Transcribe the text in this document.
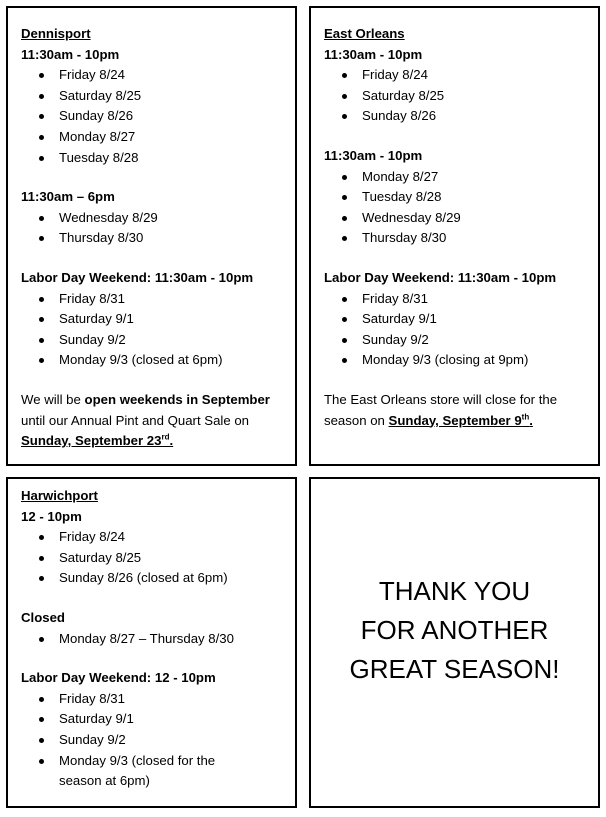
Dennisport
11:30am - 10pm
Friday 8/24
Saturday 8/25
Sunday 8/26
Monday 8/27
Tuesday 8/28
11:30am – 6pm
Wednesday 8/29
Thursday 8/30
Labor Day Weekend: 11:30am - 10pm
Friday 8/31
Saturday 9/1
Sunday 9/2
Monday 9/3 (closed at 6pm)
We will be open weekends in September until our Annual Pint and Quart Sale on Sunday, September 23rd.
East Orleans
11:30am - 10pm
Friday 8/24
Saturday 8/25
Sunday 8/26
11:30am - 10pm
Monday 8/27
Tuesday 8/28
Wednesday 8/29
Thursday 8/30
Labor Day Weekend: 11:30am - 10pm
Friday 8/31
Saturday 9/1
Sunday 9/2
Monday 9/3 (closing at 9pm)
The East Orleans store will close for the season on Sunday, September 9th.
Harwichport
12 - 10pm
Friday 8/24
Saturday 8/25
Sunday 8/26 (closed at 6pm)
Closed
Monday 8/27 – Thursday 8/30
Labor Day Weekend: 12 - 10pm
Friday 8/31
Saturday 9/1
Sunday 9/2
Monday 9/3 (closed for the season at 6pm)
THANK YOU
FOR ANOTHER
GREAT SEASON!
